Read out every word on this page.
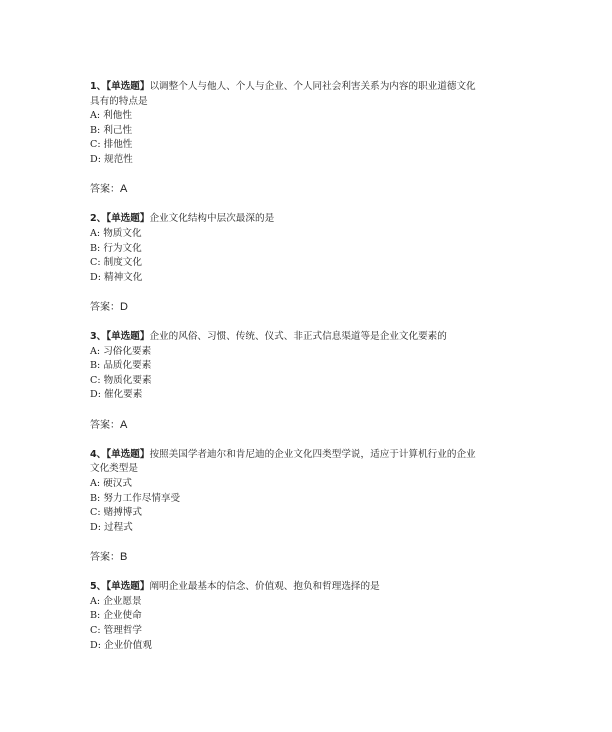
1、【单选题】以调整个人与他人、个人与企业、个人同社会利害关系为内容的职业道德文化
具有的特点是
A: 利他性
B: 利己性
C: 排他性
D: 规范性
答案：A
2、【单选题】企业文化结构中层次最深的是
A: 物质文化
B: 行为文化
C: 制度文化
D: 精神文化
答案：D
3、【单选题】企业的风俗、习惯、传统、仪式、非正式信息渠道等是企业文化要素的
A: 习俗化要素
B: 品质化要素
C: 物质化要素
D: 催化要素
答案：A
4、【单选题】按照美国学者迪尔和肯尼迪的企业文化四类型学说，适应于计算机行业的企业
文化类型是
A: 硬汉式
B: 努力工作尽情享受
C: 赌搏博式
D: 过程式
答案：B
5、【单选题】阐明企业最基本的信念、价值观、抱负和哲理选择的是
A: 企业愿景
B: 企业使命
C: 管理哲学
D: 企业价值观
